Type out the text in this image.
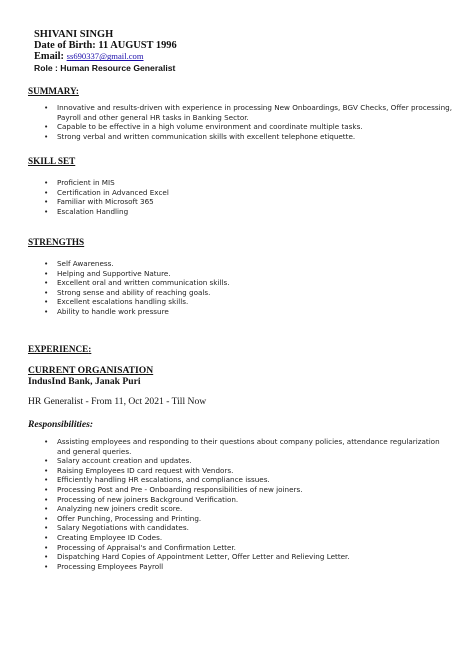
SHIVANI SINGH
Date of Birth: 11 AUGUST 1996
Email: ss690337@gmail.com
Role : Human Resource Generalist
SUMMARY:
• Innovative and results-driven with experience in processing New Onboardings, BGV Checks, Offer processing, Payroll and other general HR tasks in Banking Sector.
• Capable to be effective in a high volume environment and coordinate multiple tasks.
• Strong verbal and written communication skills with excellent telephone etiquette.
SKILL SET
• Proficient in MIS
• Certification in Advanced Excel
• Familiar with Microsoft 365
• Escalation Handling
STRENGTHS
• Self Awareness.
• Helping and Supportive Nature.
• Excellent oral and written communication skills.
• Strong sense and ability of reaching goals.
• Excellent escalations handling skills.
• Ability to handle work pressure
EXPERIENCE:
CURRENT ORGANISATION
IndusInd Bank, Janak Puri
HR Generalist - From 11, Oct 2021 - Till Now
Responsibilities:
• Assisting employees and responding to their questions about company policies, attendance regularization and general queries.
• Salary account creation and updates.
• Raising Employees ID card request with Vendors.
• Efficiently handling HR escalations, and compliance issues.
• Processing Post and Pre - Onboarding responsibilities of new joiners.
• Processing of new joiners Background Verification.
• Analyzing new joiners credit score.
• Offer Punching, Processing and Printing.
• Salary Negotiations with candidates.
• Creating Employee ID Codes.
• Processing of Appraisal's and Confirmation Letter.
• Dispatching Hard Copies of Appointment Letter, Offer Letter and Relieving Letter.
• Processing Employees Payroll
